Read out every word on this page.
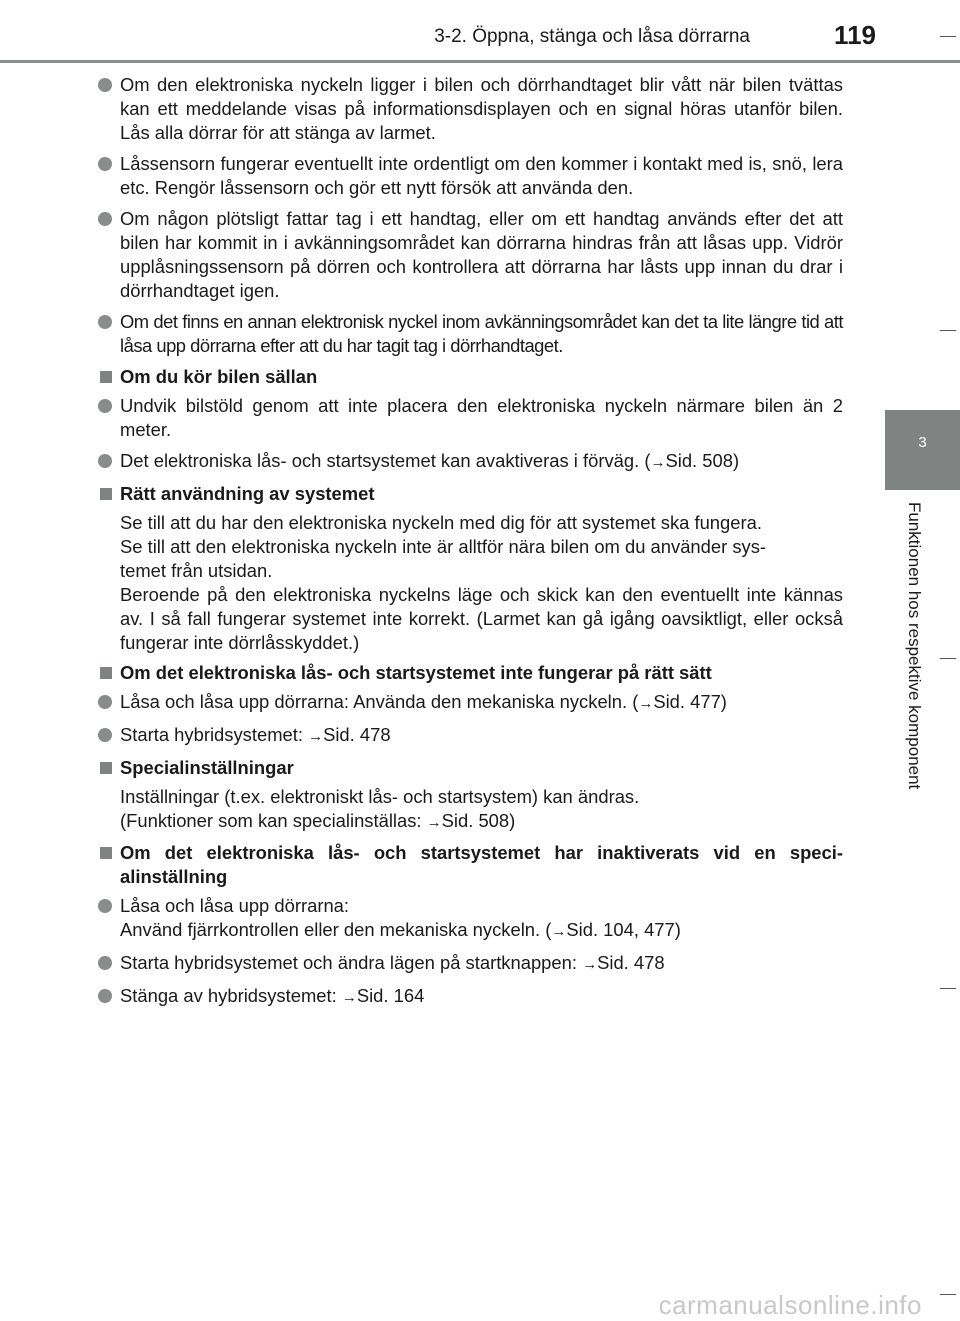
3-2. Öppna, stänga och låsa dörrarna	119
3
Funktionen hos respektive komponent
Om den elektroniska nyckeln ligger i bilen och dörrhandtaget blir vått när bilen tvättas kan ett meddelande visas på informationsdisplayen och en signal höras utanför bilen. Lås alla dörrar för att stänga av larmet.
Låssensorn fungerar eventuellt inte ordentligt om den kommer i kontakt med is, snö, lera etc. Rengör låssensorn och gör ett nytt försök att använda den.
Om någon plötsligt fattar tag i ett handtag, eller om ett handtag används efter det att bilen har kommit in i avkänningsområdet kan dörrarna hindras från att låsas upp. Vidrör upplåsningssensorn på dörren och kontrollera att dörrarna har låsts upp innan du drar i dörrhandtaget igen.
Om det finns en annan elektronisk nyckel inom avkänningsområdet kan det ta lite längre tid att låsa upp dörrarna efter att du har tagit tag i dörrhandtaget.
Om du kör bilen sällan
Undvik bilstöld genom att inte placera den elektroniska nyckeln närmare bilen än 2 meter.
Det elektroniska lås- och startsystemet kan avaktiveras i förväg. (→Sid. 508)
Rätt användning av systemet
Se till att du har den elektroniska nyckeln med dig för att systemet ska fungera.
Se till att den elektroniska nyckeln inte är alltför nära bilen om du använder sys-
temet från utsidan.
Beroende på den elektroniska nyckelns läge och skick kan den eventuellt inte kännas av. I så fall fungerar systemet inte korrekt. (Larmet kan gå igång oavsiktligt, eller också fungerar inte dörrlåsskyddet.)
Om det elektroniska lås- och startsystemet inte fungerar på rätt sätt
Låsa och låsa upp dörrarna: Använda den mekaniska nyckeln. (→Sid. 477)
Starta hybridsystemet: →Sid. 478
Specialinställningar
Inställningar (t.ex. elektroniskt lås- och startsystem) kan ändras.
(Funktioner som kan specialinställas: →Sid. 508)
Om det elektroniska lås- och startsystemet har inaktiverats vid en speci-alinställning
Låsa och låsa upp dörrarna:
Använd fjärrkontrollen eller den mekaniska nyckeln. (→Sid. 104, 477)
Starta hybridsystemet och ändra lägen på startknappen: →Sid. 478
Stänga av hybridsystemet: →Sid. 164
carmanualsonline.info
